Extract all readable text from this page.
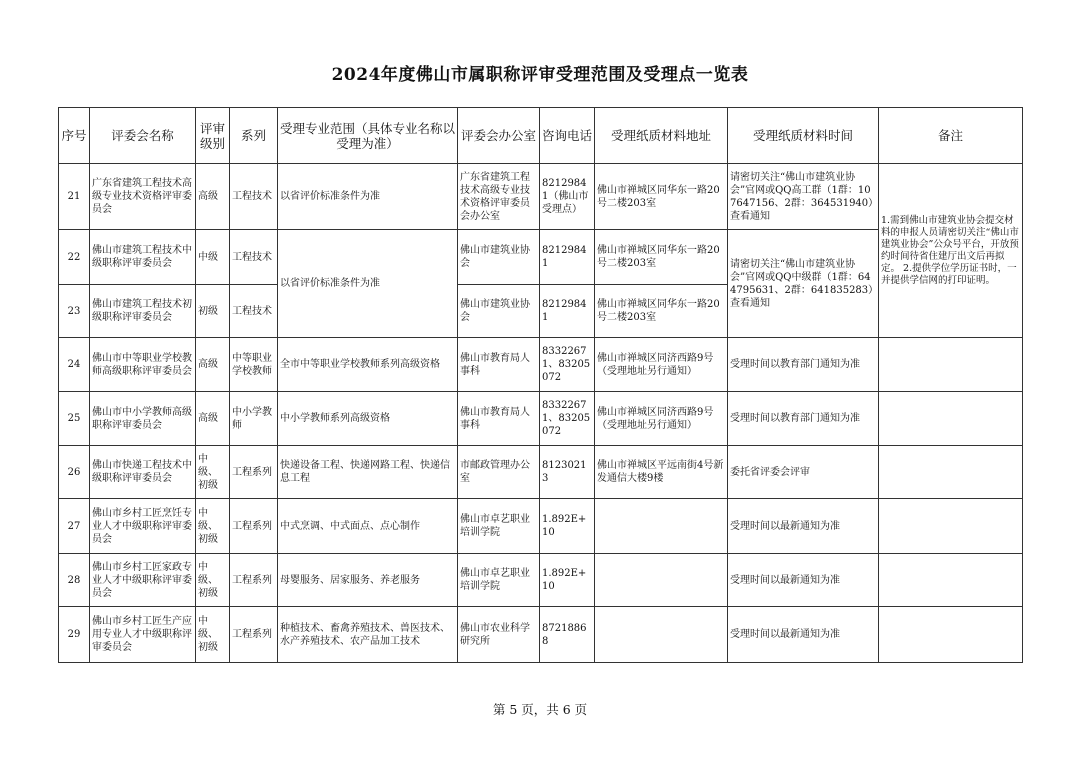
2024年度佛山市属职称评审受理范围及受理点一览表
序号	评委会名称	评审级别	系列	受理专业范围（具体专业名称以受理为准）	评委会办公室	咨询电话	受理纸质材料地址	受理纸质材料时间	备注
21	广东省建筑工程技术高级专业技术资格评审委员会	高级	工程技术	以省评价标准条件为准	广东省建筑工程技术高级专业技术资格评审委员会办公室	82129841（佛山市受理点）	佛山市禅城区同华东一路20号二楼203室	请密切关注“佛山市建筑业协会”官网或QQ高工群（1群：107647156、2群：364531940）查看通知	1.需到佛山市建筑业协会提交材料的申报人员请密切关注“佛山市建筑业协会”公众号平台，开放预约时间待省住建厅出文后再拟定。 2.提供学位学历证书时，一并提供学信网的打印证明。
22	佛山市建筑工程技术中级职称评审委员会	中级	工程技术	以省评价标准条件为准	佛山市建筑业协会	82129841	佛山市禅城区同华东一路20号二楼203室	请密切关注“佛山市建筑业协会”官网或QQ中级群（1群：644795631、2群：641835283）查看通知	
23	佛山市建筑工程技术初级职称评审委员会	初级	工程技术		佛山市建筑业协会	82129841	佛山市禅城区同华东一路20号二楼203室		
24	佛山市中等职业学校教师高级职称评审委员会	高级	中等职业学校教师	全市中等职业学校教师系列高级资格	佛山市教育局人事科	83322671、83205072	佛山市禅城区同济西路9号（受理地址另行通知）	受理时间以教育部门通知为准	
25	佛山市中小学教师高级职称评审委员会	高级	中小学教师	中小学教师系列高级资格	佛山市教育局人事科	83322671、83205072	佛山市禅城区同济西路9号（受理地址另行通知）	受理时间以教育部门通知为准	
26	佛山市快递工程技术中级职称评审委员会	中级、初级	工程系列	快递设备工程、快递网路工程、快递信息工程	市邮政管理办公室	81230213	佛山市禅城区平远南街4号新发通信大楼9楼	委托省评委会评审	
27	佛山市乡村工匠烹饪专业人才中级职称评审委员会	中级、初级	工程系列	中式烹调、中式面点、点心制作	佛山市卓艺职业培训学院	1.892E+10		受理时间以最新通知为准	
28	佛山市乡村工匠家政专业人才中级职称评审委员会	中级、初级	工程系列	母婴服务、居家服务、养老服务	佛山市卓艺职业培训学院	1.892E+10		受理时间以最新通知为准	
29	佛山市乡村工匠生产应用专业人才中级职称评审委员会	中级、初级	工程系列	种植技术、畜禽养殖技术、兽医技术、水产养殖技术、农产品加工技术	佛山市农业科学研究所	87218868		受理时间以最新通知为准	
第 5 页，共 6 页
